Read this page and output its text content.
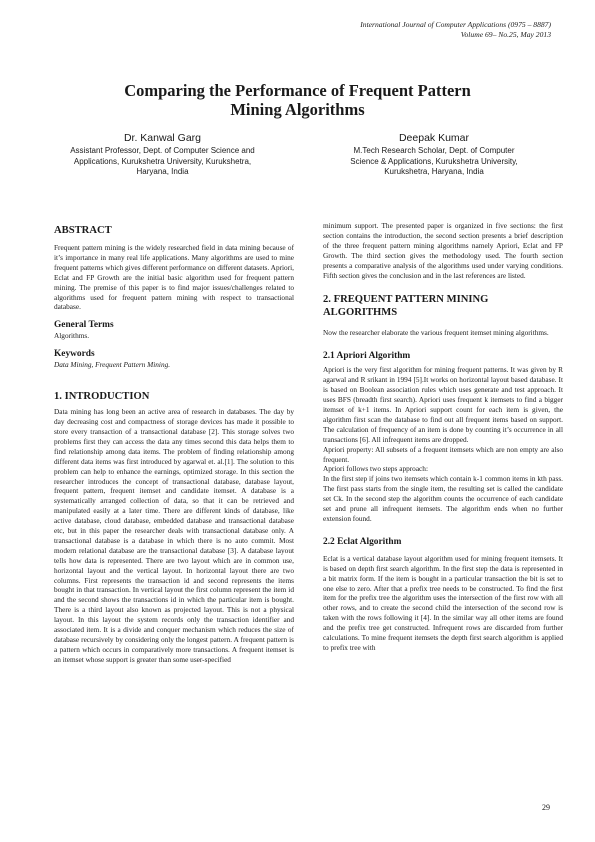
International Journal of Computer Applications (0975 – 8887)
Volume 69– No.25, May 2013
Comparing the Performance of Frequent Pattern
Mining Algorithms
Dr. Kanwal Garg
Assistant Professor, Dept. of Computer Science and
Applications, Kurukshetra University, Kurukshetra,
Haryana, India
Deepak Kumar
M.Tech Research Scholar, Dept. of Computer
Science & Applications, Kurukshetra University,
Kurukshetra, Haryana, India
ABSTRACT

Frequent pattern mining is the widely researched field in data mining because of it’s importance in many real life applications. Many algorithms are used to mine frequent patterns which gives different performance on different datasets. Apriori, Eclat and FP Growth are the initial basic algorithm used for frequent pattern mining. The premise of this paper is to find major issues/challenges related to algorithms used for frequent pattern mining with respect to transactional database.

General Terms

Algorithms.

Keywords

Data Mining, Frequent Pattern Mining.

1. INTRODUCTION

Data mining has long been an active area of research in databases. The day by day decreasing cost and compactness of storage devices has made it possible to store every transaction of a transactional database [2]. This storage solves two problems first they can access the data any times second this data helps them to find relationship among data items. The problem of finding relationship among different data items was first introduced by agarwal et. al.[1]. The solution to this problem can help to enhance the earnings, optimized storage. In this section the researcher introduces the concept of transactional database, database layout, frequent pattern, frequent itemset and candidate itemset. A database is a systematically arranged collection of data, so that it can be retrieved and manipulated easily at a later time. There are different kinds of database, like active database, cloud database, embedded database and transactional database etc, but in this paper the researcher deals with transactional database only. A transactional database is a database in which there is no auto commit. Most modern relational database are the transactional database [3]. A database layout tells how data is represented. There are two layout which are in common use, horizontal layout and the vertical layout. In horizontal layout there are two columns. First represents the transaction id and second represents the items bought in that transaction. In vertical layout the first column represent the item id and the second shows the transactions id in which the particular item is bought. There is a third layout also known as projected layout. This is not a physical layout. In this layout the system records only the transaction identifier and associated item. It is a divide and conquer mechanism which reduces the size of database recursively by considering only the longest pattern. A frequent pattern is a pattern which occurs in comparatively more transactions. A frequent itemset is an itemset whose support is greater than some user-specified

minimum support. The presented paper is organized in five sections: the first section contains the introduction, the second section presents a brief description of the three frequent pattern mining algorithms namely Apriori, Eclat and FP Growth. The third section gives the methodology used. The fourth section presents a comparative analysis of the algorithms used under varying conditions. Fifth section gives the conclusion and in the last references are listed.

2. FREQUENT PATTERN MINING
ALGORITHMS

Now the researcher elaborate the various frequent itemset mining algorithms.

2.1 Apriori Algorithm

Apriori is the very first algorithm for mining frequent patterns. It was given by R agarwal and R srikant in 1994 [5].It works on horizontal layout based database. It is based on Boolean association rules which uses generate and test approach. It uses BFS (breadth first search). Apriori uses frequent k itemsets to find a bigger itemset of k+1 items. In Apriori support count for each item is given, the algorithm first scan the database to find out all frequent items based on support. The calculation of frequency of an item is done by counting it’s occurrence in all transactions [6]. All infrequent items are dropped.

Apriori property: All subsets of a frequent itemsets which are non empty are also frequent.

Apriori follows two steps approach:

In the first step if joins two itemsets which contain k-1 common items in kth pass. The first pass starts from the single item, the resulting set is called the candidate set Ck. In the second step the algorithm counts the occurrence of each candidate set and prune all infrequent itemsets. The algorithm ends when no further extension found.

2.2 Eclat Algorithm

Eclat is a vertical database layout algorithm used for mining frequent itemsets. It is based on depth first search algorithm. In the first step the data is represented in a bit matrix form. If the item is bought in a particular transaction the bit is set to one else to zero. After that a prefix tree needs to be constructed. To find the first item for the prefix tree the algorithm uses the intersection of the first row with all other rows, and to create the second child the intersection of the second row is taken with the rows following it [4]. In the similar way all other items are found and the prefix tree get constructed. Infrequent rows are discarded from further calculations. To mine frequent itemsets the depth first search algorithm is applied to prefix tree with

29
